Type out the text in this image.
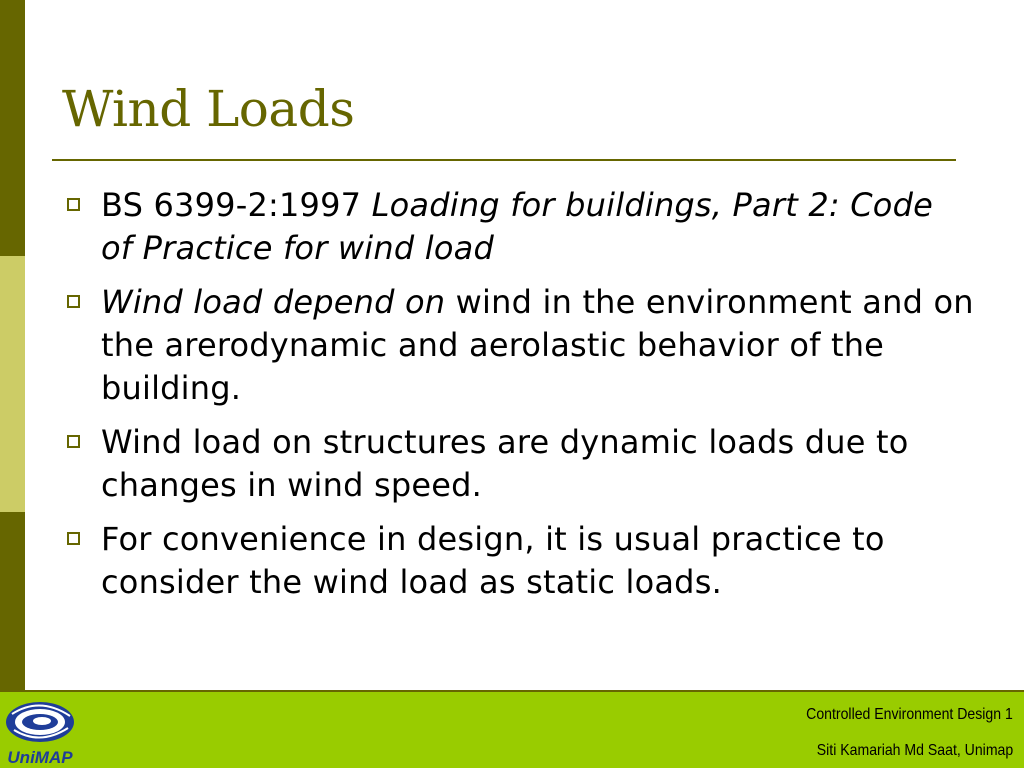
Wind Loads
BS 6399-2:1997 Loading for buildings, Part 2: Code of Practice for wind load
Wind load depend on wind in the environment and on the arerodynamic and aerolastic behavior of the building.
Wind load on structures are dynamic loads due to changes in wind speed.
For convenience in design, it is usual practice to consider the wind load as static loads.
UniMAP
Controlled Environment Design 1
Siti Kamariah Md Saat, Unimap
